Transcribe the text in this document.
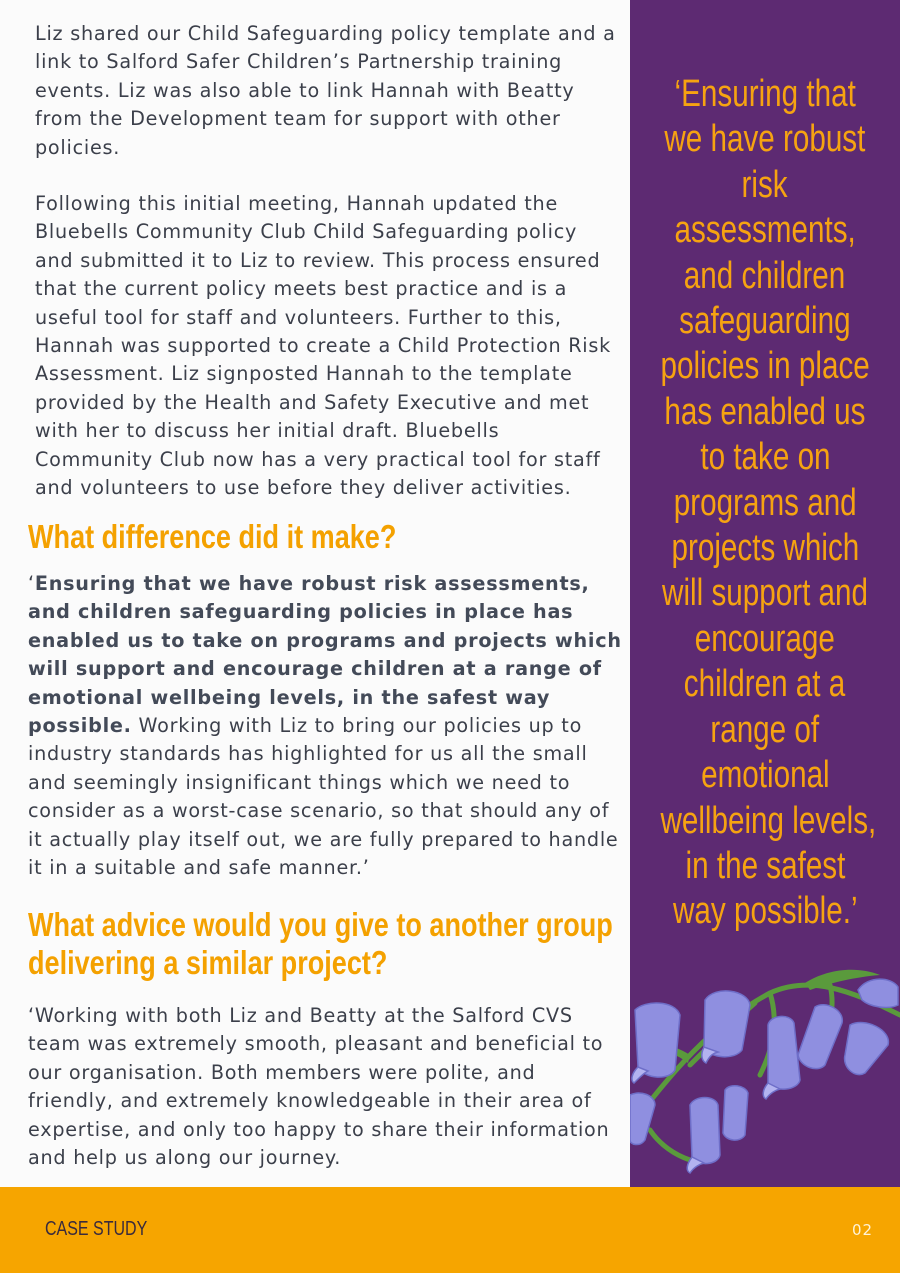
Liz shared our Child Safeguarding policy template and a link to Salford Safer Children’s Partnership training events. Liz was also able to link Hannah with Beatty from the Development team for support with other policies.

Following this initial meeting, Hannah updated the Bluebells Community Club Child Safeguarding policy and submitted it to Liz to review. This process ensured that the current policy meets best practice and is a useful tool for staff and volunteers. Further to this, Hannah was supported to create a Child Protection Risk Assessment. Liz signposted Hannah to the template provided by the Health and Safety Executive and met with her to discuss her initial draft. Bluebells Community Club now has a very practical tool for staff and volunteers to use before they deliver activities.

What difference did it make?

‘Ensuring that we have robust risk assessments, and children safeguarding policies in place has enabled us to take on programs and projects which will support and encourage children at a range of emotional wellbeing levels, in the safest way possible. Working with Liz to bring our policies up to industry standards has highlighted for us all the small and seemingly insignificant things which we need to consider as a worst-case scenario, so that should any of it actually play itself out, we are fully prepared to handle it in a suitable and safe manner.’

What advice would you give to another group
delivering a similar project?

‘Working with both Liz and Beatty at the Salford CVS team was extremely smooth, pleasant and beneficial to our organisation. Both members were polite, and friendly, and extremely knowledgeable in their area of expertise, and only too happy to share their information and help us along our journey.

‘Ensuring that
we have robust
risk
assessments,
and children
safeguarding
policies in place
has enabled us
to take on
programs and
projects which
will support and
encourage
children at a
range of
emotional
wellbeing levels,
in the safest
way possible.’

CASE STUDY	02
